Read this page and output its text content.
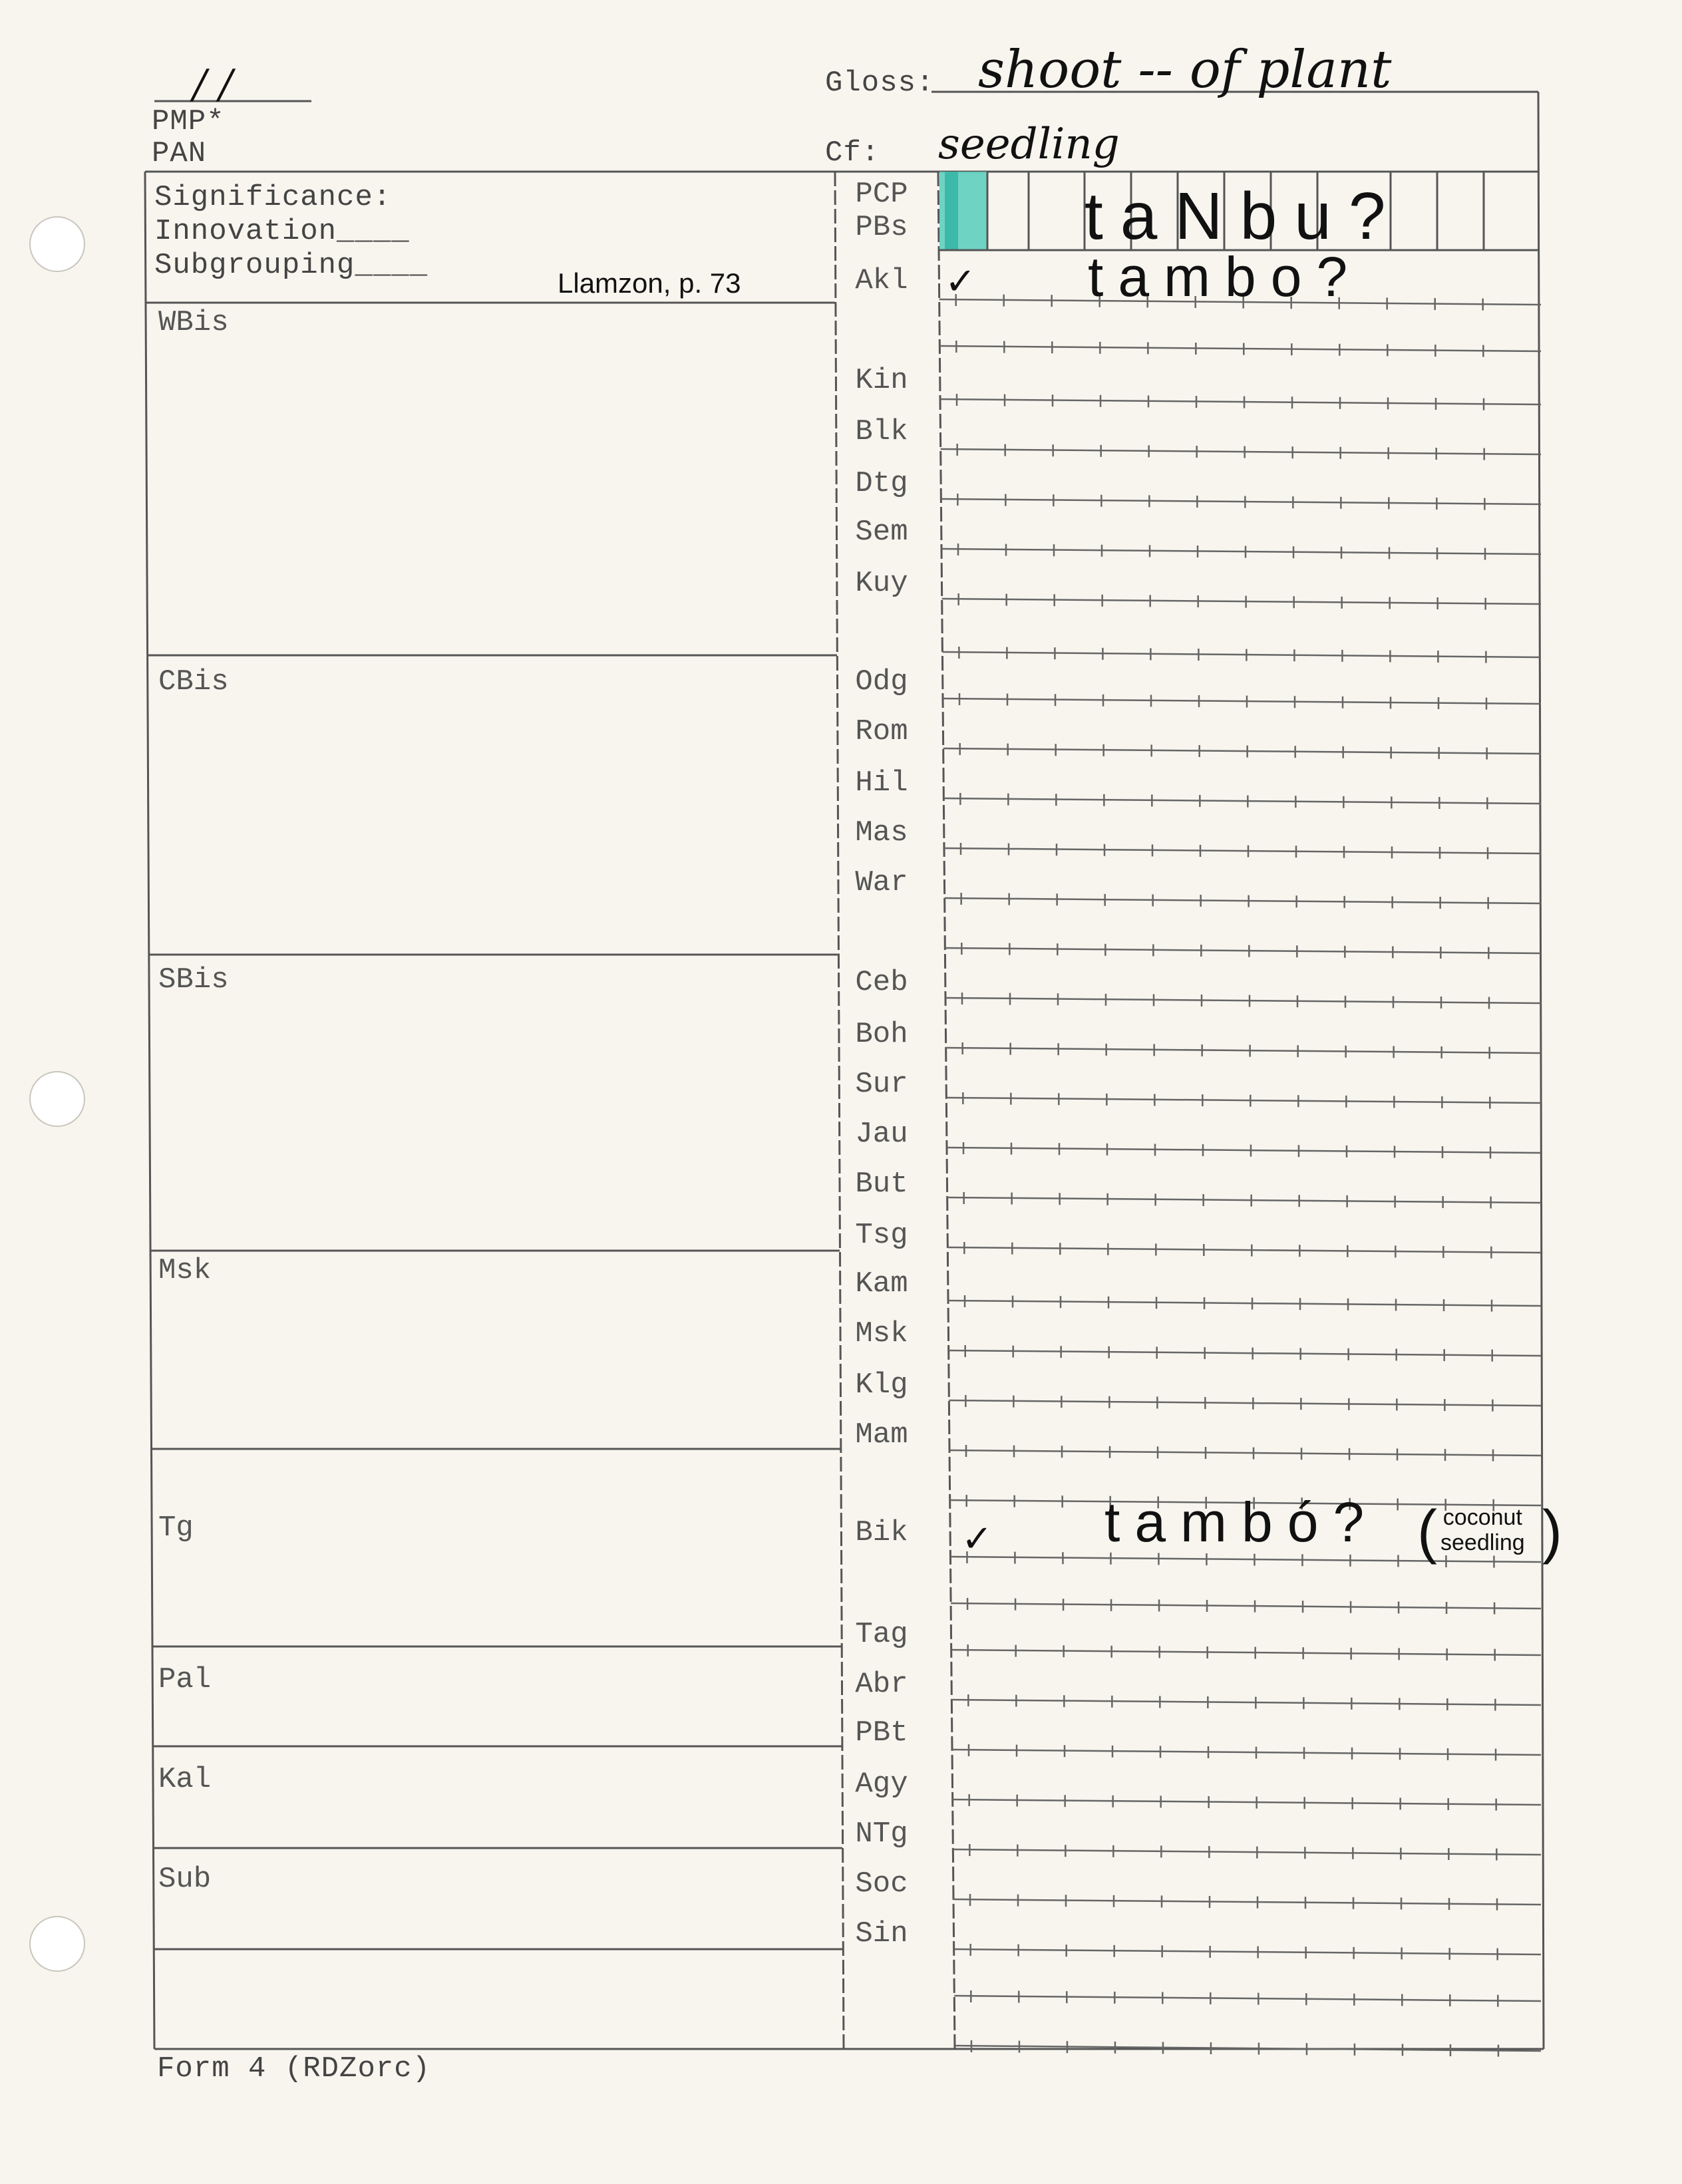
/ /
PMP*
PAN
Gloss: shoot -- of plant
Cf: seedling
Significance:
Innovation____
Subgrouping____
Llamzon, p. 73
WBis
CBis
SBis
Msk
Tg
Pal
Kal
Sub
PCP
PBs
Akl
Kin
Blk
Dtg
Sem
Kuy
Odg
Rom
Hil
Mas
War
Ceb
Boh
Sur
Jau
But
Tsg
Kam
Msk
Klg
Mam
Bik
Tag
Abr
PBt
Agy
NTg
Soc
Sin
taNbu?
✓ tambo?
✓ tambó? ( coconut
seedling )
Form 4 (RDZorc)
